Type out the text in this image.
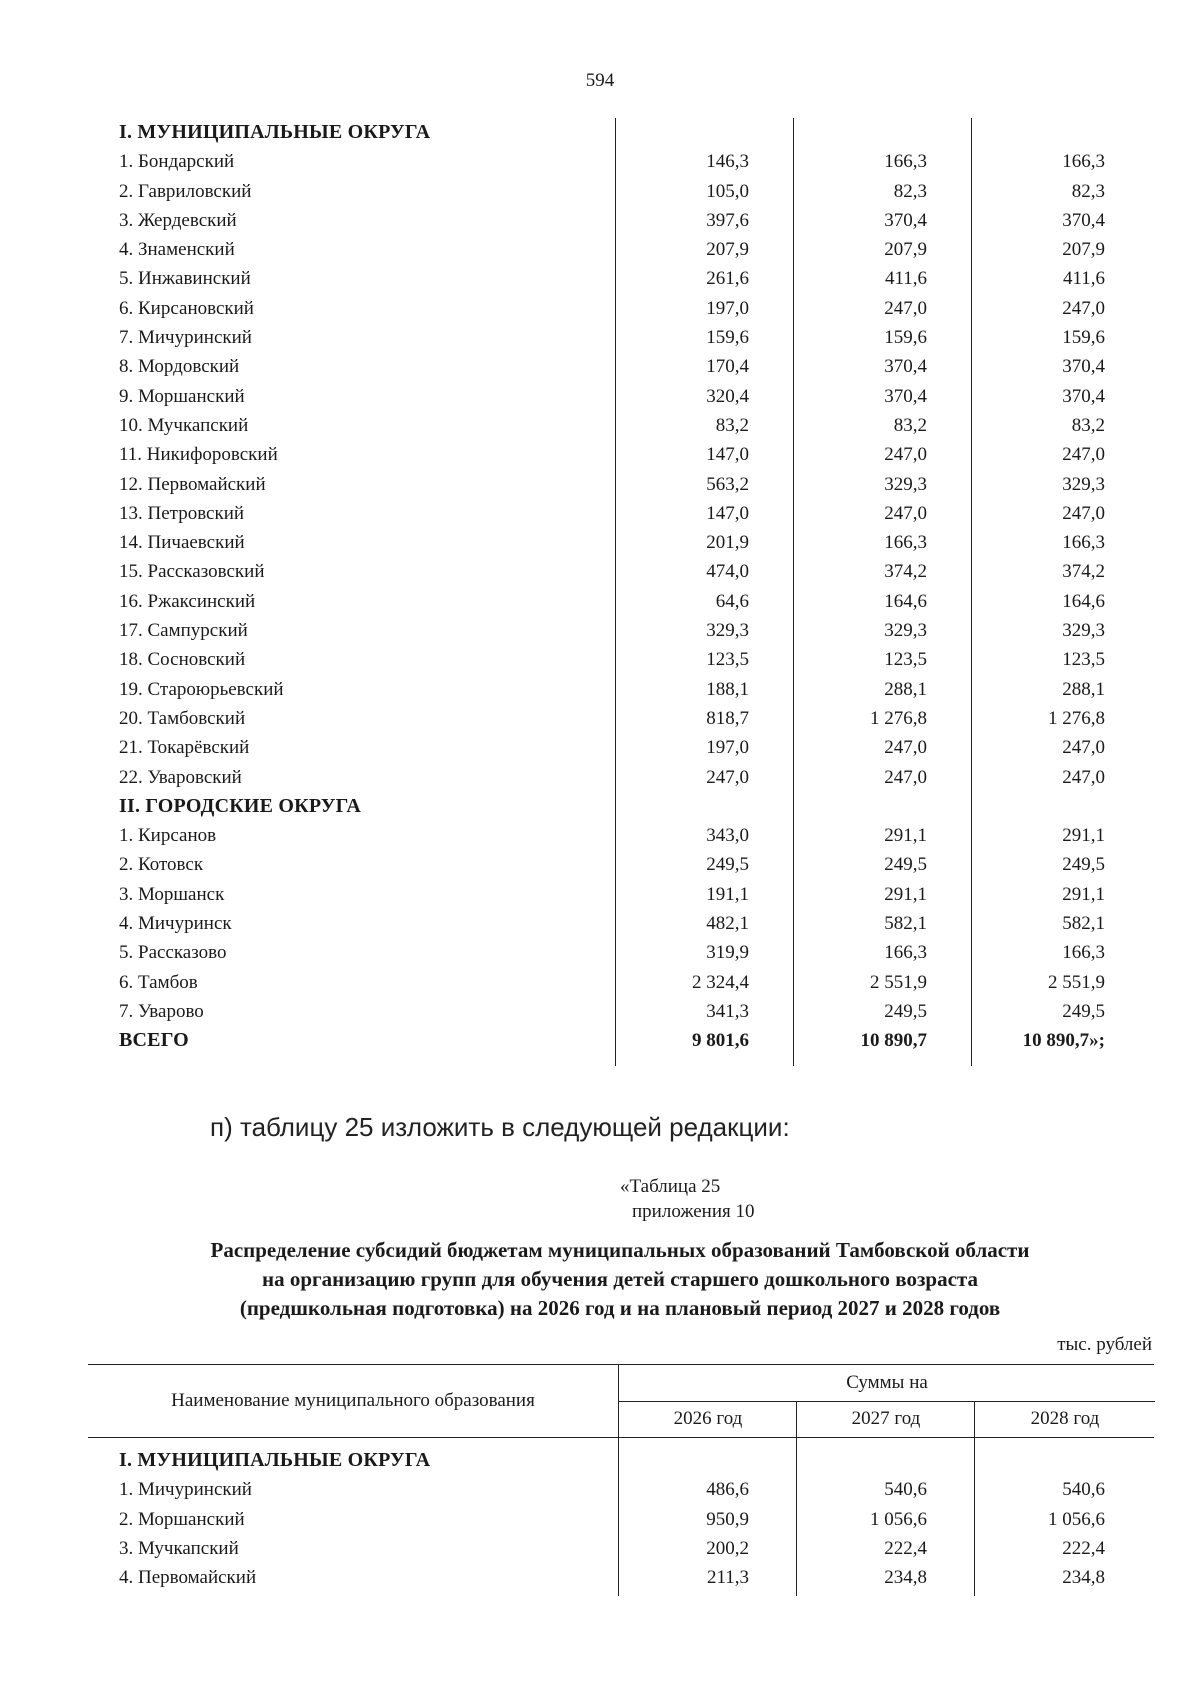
594
I. МУНИЦИПАЛЬНЫЕ ОКРУГА
1. Бондарский	146,3	166,3	166,3
2. Гавриловский	105,0	82,3	82,3
3. Жердевский	397,6	370,4	370,4
4. Знаменский	207,9	207,9	207,9
5. Инжавинский	261,6	411,6	411,6
6. Кирсановский	197,0	247,0	247,0
7. Мичуринский	159,6	159,6	159,6
8. Мордовский	170,4	370,4	370,4
9. Моршанский	320,4	370,4	370,4
10. Мучкапский	83,2	83,2	83,2
11. Никифоровский	147,0	247,0	247,0
12. Первомайский	563,2	329,3	329,3
13. Петровский	147,0	247,0	247,0
14. Пичаевский	201,9	166,3	166,3
15. Рассказовский	474,0	374,2	374,2
16. Ржаксинский	64,6	164,6	164,6
17. Сампурский	329,3	329,3	329,3
18. Сосновский	123,5	123,5	123,5
19. Староюрьевский	188,1	288,1	288,1
20. Тамбовский	818,7	1 276,8	1 276,8
21. Токарёвский	197,0	247,0	247,0
22. Уваровский	247,0	247,0	247,0
II. ГОРОДСКИЕ ОКРУГА
1. Кирсанов	343,0	291,1	291,1
2. Котовск	249,5	249,5	249,5
3. Моршанск	191,1	291,1	291,1
4. Мичуринск	482,1	582,1	582,1
5. Рассказово	319,9	166,3	166,3
6. Тамбов	2 324,4	2 551,9	2 551,9
7. Уварово	341,3	249,5	249,5
ВСЕГО	9 801,6	10 890,7	10 890,7»;
п) таблицу 25 изложить в следующей редакции:
«Таблица 25
приложения 10
Распределение субсидий бюджетам муниципальных образований Тамбовской области
на организацию групп для обучения детей старшего дошкольного возраста
(предшкольная подготовка) на 2026 год и на плановый период 2027 и 2028 годов
тыс. рублей
Наименование муниципального образования
Суммы на
2026 год	2027 год	2028 год
I. МУНИЦИПАЛЬНЫЕ ОКРУГА
1. Мичуринский	486,6	540,6	540,6
2. Моршанский	950,9	1 056,6	1 056,6
3. Мучкапский	200,2	222,4	222,4
4. Первомайский	211,3	234,8	234,8
